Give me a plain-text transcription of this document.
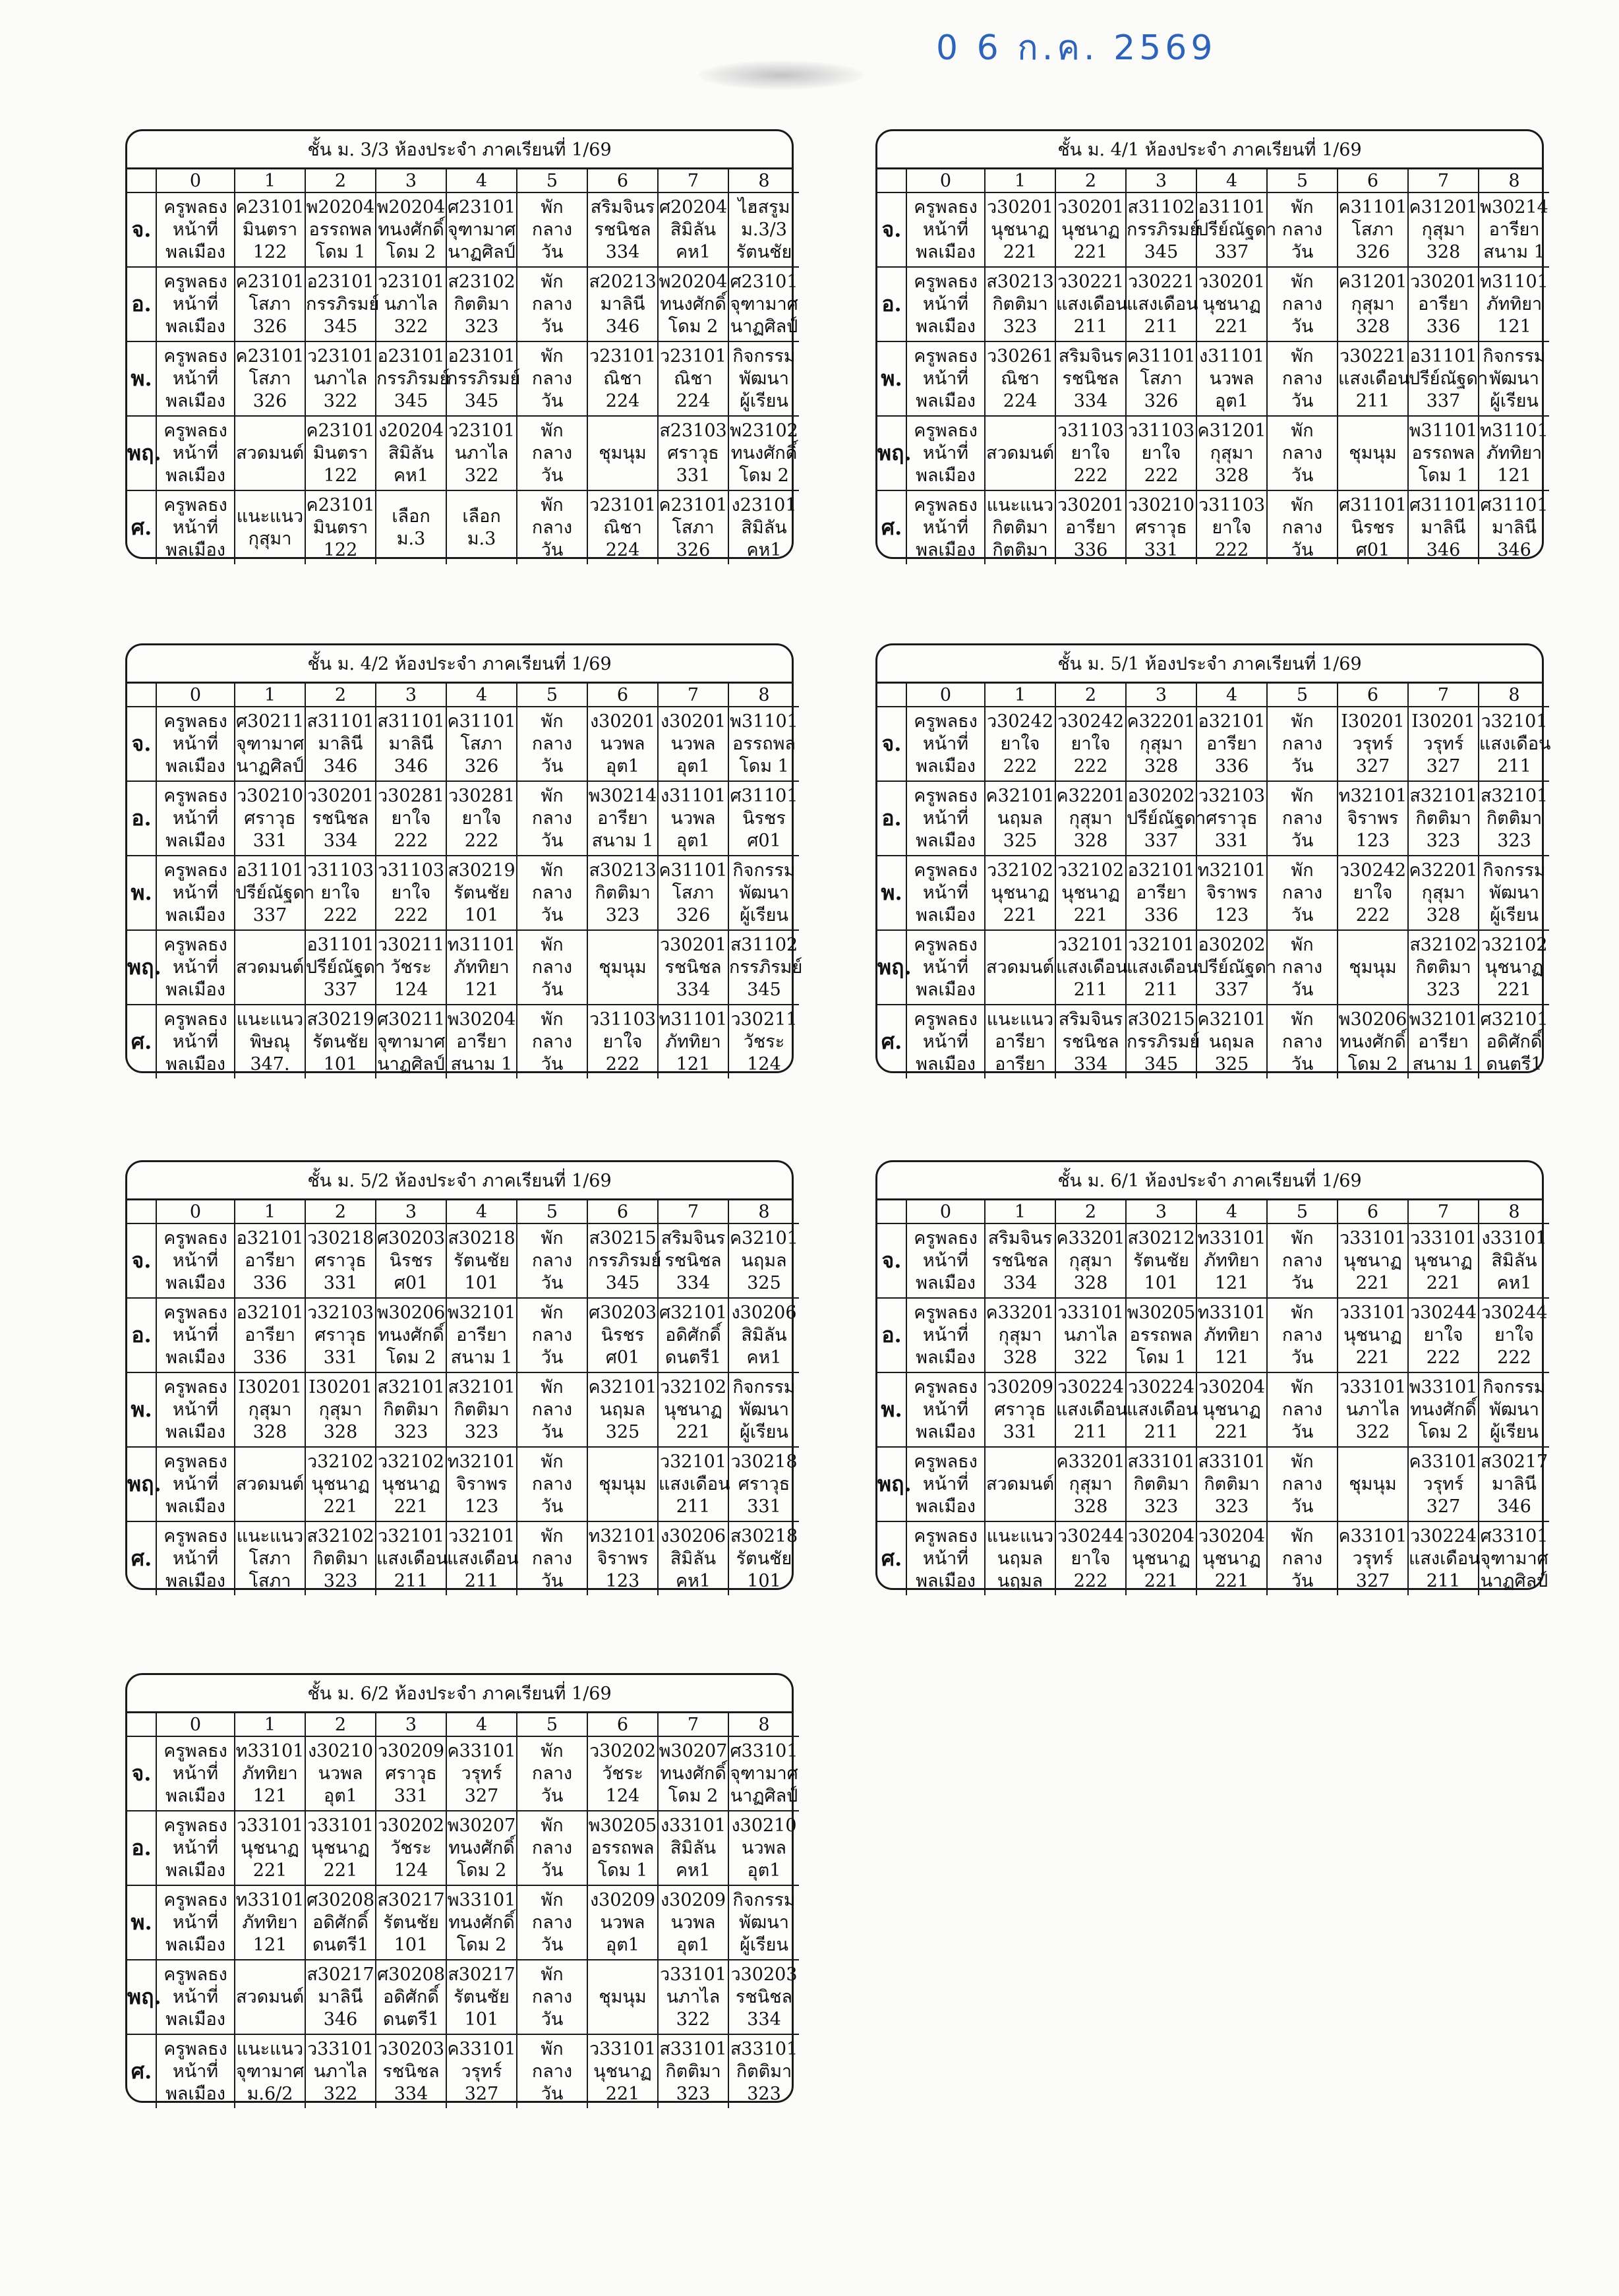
0 6 ก.ค. 2569
ชั้น ม. 3/3 ห้องประจำ ภาคเรียนที่ 1/69
	0	1	2	3	4	5	6	7	8
จ.	ครูพลธง
หน้าที่
พลเมือง	ค23101
มินตรา
122	พ20204
อรรถพล
โดม 1	พ20204
ทนงศักดิ์
โดม 2	ศ23101
จุฑามาศ
นาฏศิลป์	พัก
กลาง
วัน	สริมจินร
รชนิชล
334	ศ20204
สิมิลัน
คห1	ไฮสรูม
ม.3/3
รัตนชัย

อ.	ครูพลธง
หน้าที่
พลเมือง	ค23101
โสภา
326	อ23101
กรรภิรมย์
345	ว23101
นภาไล
322	ส23102
กิตติมา
323	พัก
กลาง
วัน	ส20213
มาลินี
346	พ20204
ทนงศักดิ์
โดม 2	ศ23101
จุฑามาศ
นาฏศิลป์

พ.	ครูพลธง
หน้าที่
พลเมือง	ค23101
โสภา
326	ว23101
นภาไล
322	อ23101
กรรภิรมย์
345	อ23101
กรรภิรมย์
345	พัก
กลาง
วัน	ว23101
ณิชา
224	ว23101
ณิชา
224	กิจกรรม
พัฒนา
ผู้เรียน

พฤ.	ครูพลธง
หน้าที่
พลเมือง	สวดมนต์	ค23101
มินตรา
122	ง20204
สิมิลัน
คห1	ว23101
นภาไล
322	พัก
กลาง
วัน	ชุมนุม	ส23103
ศราวุธ
331	พ23102
ทนงศักดิ์
โดม 2

ศ.	ครูพลธง
หน้าที่
พลเมือง	แนะแนว
กุสุมา	ค23101
มินตรา
122	เลือก
ม.3	เลือก
ม.3	พัก
กลาง
วัน	ว23101
ณิชา
224	ค23101
โสภา
326	ง23101
สิมิลัน
คห1
ชั้น ม. 4/1 ห้องประจำ ภาคเรียนที่ 1/69
	0	1	2	3	4	5	6	7	8
จ.	ครูพลธง
หน้าที่
พลเมือง	ว30201
นุชนาฏ
221	ว30201
นุชนาฏ
221	ส31102
กรรภิรมย์
345	อ31101
ปรีย์ณัฐดา
337	พัก
กลาง
วัน	ค31101
โสภา
326	ค31201
กุสุมา
328	พ30214
อารียา
สนาม 1

อ.	ครูพลธง
หน้าที่
พลเมือง	ส30213
กิตติมา
323	ว30221
แสงเดือน
211	ว30221
แสงเดือน
211	ว30201
นุชนาฏ
221	พัก
กลาง
วัน	ค31201
กุสุมา
328	ว30201
อารียา
336	ท31101
ภัททิยา
121

พ.	ครูพลธง
หน้าที่
พลเมือง	ว30261
ณิชา
224	สริมจินร
รชนิชล
334	ค31101
โสภา
326	ง31101
นวพล
อุต1	พัก
กลาง
วัน	ว30221
แสงเดือน
211	อ31101
ปรีย์ณัฐดา
337	กิจกรรม
พัฒนา
ผู้เรียน

พฤ.	ครูพลธง
หน้าที่
พลเมือง	สวดมนต์	ว31103
ยาใจ
222	ว31103
ยาใจ
222	ค31201
กุสุมา
328	พัก
กลาง
วัน	ชุมนุม	พ31101
อรรถพล
โดม 1	ท31101
ภัททิยา
121

ศ.	ครูพลธง
หน้าที่
พลเมือง	แนะแนว
กิตติมา
กิตติมา	ว30201
อารียา
336	ว30210
ศราวุธ
331	ว31103
ยาใจ
222	พัก
กลาง
วัน	ศ31101
นิรชร
ศ01	ศ31101
มาลินี
346	ศ31101
มาลินี
346
ชั้น ม. 4/2 ห้องประจำ ภาคเรียนที่ 1/69
	0	1	2	3	4	5	6	7	8
จ.	ครูพลธง
หน้าที่
พลเมือง	ศ30211
จุฑามาศ
นาฏศิลป์	ส31101
มาลินี
346	ส31101
มาลินี
346	ค31101
โสภา
326	พัก
กลาง
วัน	ง30201
นวพล
อุต1	ง30201
นวพล
อุต1	พ31101
อรรถพล
โดม 1

อ.	ครูพลธง
หน้าที่
พลเมือง	ว30210
ศราวุธ
331	ว30201
รชนิชล
334	ว30281
ยาใจ
222	ว30281
ยาใจ
222	พัก
กลาง
วัน	พ30214
อารียา
สนาม 1	ง31101
นวพล
อุต1	ศ31101
นิรชร
ศ01

พ.	ครูพลธง
หน้าที่
พลเมือง	อ31101
ปรีย์ณัฐดา
337	ว31103
ยาใจ
222	ว31103
ยาใจ
222	ส30219
รัตนชัย
101	พัก
กลาง
วัน	ส30213
กิตติมา
323	ค31101
โสภา
326	กิจกรรม
พัฒนา
ผู้เรียน

พฤ.	ครูพลธง
หน้าที่
พลเมือง	สวดมนต์	อ31101
ปรีย์ณัฐดา
337	ว30211
วัชระ
124	ท31101
ภัททิยา
121	พัก
กลาง
วัน	ชุมนุม	ว30201
รชนิชล
334	ส31102
กรรภิรมย์
345

ศ.	ครูพลธง
หน้าที่
พลเมือง	แนะแนว
พิษณุ
347.	ส30219
รัตนชัย
101	ศ30211
จุฑามาศ
นาฏศิลป์	พ30204
อารียา
สนาม 1	พัก
กลาง
วัน	ว31103
ยาใจ
222	ท31101
ภัททิยา
121	ว30211
วัชระ
124
ชั้น ม. 5/1 ห้องประจำ ภาคเรียนที่ 1/69
	0	1	2	3	4	5	6	7	8
จ.	ครูพลธง
หน้าที่
พลเมือง	ว30242
ยาใจ
222	ว30242
ยาใจ
222	ค32201
กุสุมา
328	อ32101
อารียา
336	พัก
กลาง
วัน	I30201
วรุทร์
327	I30201
วรุทร์
327	ว32101
แสงเดือน
211

อ.	ครูพลธง
หน้าที่
พลเมือง	ค32101
นฤมล
325	ค32201
กุสุมา
328	อ30202
ปรีย์ณัฐดา
337	ว32103
ศราวุธ
331	พัก
กลาง
วัน	ท32101
จิราพร
123	ส32101
กิตติมา
323	ส32101
กิตติมา
323

พ.	ครูพลธง
หน้าที่
พลเมือง	ว32102
นุชนาฏ
221	ว32102
นุชนาฏ
221	อ32101
อารียา
336	ท32101
จิราพร
123	พัก
กลาง
วัน	ว30242
ยาใจ
222	ค32201
กุสุมา
328	กิจกรรม
พัฒนา
ผู้เรียน

พฤ.	ครูพลธง
หน้าที่
พลเมือง	สวดมนต์	ว32101
แสงเดือน
211	ว32101
แสงเดือน
211	อ30202
ปรีย์ณัฐดา
337	พัก
กลาง
วัน	ชุมนุม	ส32102
กิตติมา
323	ว32102
นุชนาฏ
221

ศ.	ครูพลธง
หน้าที่
พลเมือง	แนะแนว
อารียา
อารียา	สริมจินร
รชนิชล
334	ส30215
กรรภิรมย์
345	ค32101
นฤมล
325	พัก
กลาง
วัน	พ30206
ทนงศักดิ์
โดม 2	พ32101
อารียา
สนาม 1	ศ32101
อดิศักดิ์
ดนตรี1
ชั้น ม. 5/2 ห้องประจำ ภาคเรียนที่ 1/69
	0	1	2	3	4	5	6	7	8
จ.	ครูพลธง
หน้าที่
พลเมือง	อ32101
อารียา
336	ว30218
ศราวุธ
331	ศ30203
นิรชร
ศ01	ส30218
รัตนชัย
101	พัก
กลาง
วัน	ส30215
กรรภิรมย์
345	สริมจินร
รชนิชล
334	ค32101
นฤมล
325

อ.	ครูพลธง
หน้าที่
พลเมือง	อ32101
อารียา
336	ว32103
ศราวุธ
331	พ30206
ทนงศักดิ์
โดม 2	พ32101
อารียา
สนาม 1	พัก
กลาง
วัน	ศ30203
นิรชร
ศ01	ศ32101
อดิศักดิ์
ดนตรี1	ง30206
สิมิลัน
คห1

พ.	ครูพลธง
หน้าที่
พลเมือง	I30201
กุสุมา
328	I30201
กุสุมา
328	ส32101
กิตติมา
323	ส32101
กิตติมา
323	พัก
กลาง
วัน	ค32101
นฤมล
325	ว32102
นุชนาฏ
221	กิจกรรม
พัฒนา
ผู้เรียน

พฤ.	ครูพลธง
หน้าที่
พลเมือง	สวดมนต์	ว32102
นุชนาฏ
221	ว32102
นุชนาฏ
221	ท32101
จิราพร
123	พัก
กลาง
วัน	ชุมนุม	ว32101
แสงเดือน
211	ว30218
ศราวุธ
331

ศ.	ครูพลธง
หน้าที่
พลเมือง	แนะแนว
โสภา
โสภา	ส32102
กิตติมา
323	ว32101
แสงเดือน
211	ว32101
แสงเดือน
211	พัก
กลาง
วัน	ท32101
จิราพร
123	ง30206
สิมิลัน
คห1	ส30218
รัตนชัย
101
ชั้น ม. 6/1 ห้องประจำ ภาคเรียนที่ 1/69
	0	1	2	3	4	5	6	7	8
จ.	ครูพลธง
หน้าที่
พลเมือง	สริมจินร
รชนิชล
334	ค33201
กุสุมา
328	ส30212
รัตนชัย
101	ท33101
ภัททิยา
121	พัก
กลาง
วัน	ว33101
นุชนาฏ
221	ว33101
นุชนาฏ
221	ง33101
สิมิลัน
คห1

อ.	ครูพลธง
หน้าที่
พลเมือง	ค33201
กุสุมา
328	ว33101
นภาไล
322	พ30205
อรรถพล
โดม 1	ท33101
ภัททิยา
121	พัก
กลาง
วัน	ว33101
นุชนาฏ
221	ว30244
ยาใจ
222	ว30244
ยาใจ
222

พ.	ครูพลธง
หน้าที่
พลเมือง	ว30209
ศราวุธ
331	ว30224
แสงเดือน
211	ว30224
แสงเดือน
211	ว30204
นุชนาฏ
221	พัก
กลาง
วัน	ว33101
นภาไล
322	พ33101
ทนงศักดิ์
โดม 2	กิจกรรม
พัฒนา
ผู้เรียน

พฤ.	ครูพลธง
หน้าที่
พลเมือง	สวดมนต์	ค33201
กุสุมา
328	ส33101
กิตติมา
323	ส33101
กิตติมา
323	พัก
กลาง
วัน	ชุมนุม	ค33101
วรุทร์
327	ส30217
มาลินี
346

ศ.	ครูพลธง
หน้าที่
พลเมือง	แนะแนว
นฤมล
นฤมล	ว30244
ยาใจ
222	ว30204
นุชนาฏ
221	ว30204
นุชนาฏ
221	พัก
กลาง
วัน	ค33101
วรุทร์
327	ว30224
แสงเดือน
211	ศ33101
จุฑามาศ
นาฏศิลป์
ชั้น ม. 6/2 ห้องประจำ ภาคเรียนที่ 1/69
	0	1	2	3	4	5	6	7	8
จ.	ครูพลธง
หน้าที่
พลเมือง	ท33101
ภัททิยา
121	ง30210
นวพล
อุต1	ว30209
ศราวุธ
331	ค33101
วรุทร์
327	พัก
กลาง
วัน	ว30202
วัชระ
124	พ30207
ทนงศักดิ์
โดม 2	ศ33101
จุฑามาศ
นาฏศิลป์

อ.	ครูพลธง
หน้าที่
พลเมือง	ว33101
นุชนาฏ
221	ว33101
นุชนาฏ
221	ว30202
วัชระ
124	พ30207
ทนงศักดิ์
โดม 2	พัก
กลาง
วัน	พ30205
อรรถพล
โดม 1	ง33101
สิมิลัน
คห1	ง30210
นวพล
อุต1

พ.	ครูพลธง
หน้าที่
พลเมือง	ท33101
ภัททิยา
121	ศ30208
อดิศักดิ์
ดนตรี1	ส30217
รัตนชัย
101	พ33101
ทนงศักดิ์
โดม 2	พัก
กลาง
วัน	ง30209
นวพล
อุต1	ง30209
นวพล
อุต1	กิจกรรม
พัฒนา
ผู้เรียน

พฤ.	ครูพลธง
หน้าที่
พลเมือง	สวดมนต์	ส30217
มาลินี
346	ศ30208
อดิศักดิ์
ดนตรี1	ส30217
รัตนชัย
101	พัก
กลาง
วัน	ชุมนุม	ว33101
นภาไล
322	ว30203
รชนิชล
334

ศ.	ครูพลธง
หน้าที่
พลเมือง	แนะแนว
จุฑามาศ
ม.6/2	ว33101
นภาไล
322	ว30203
รชนิชล
334	ค33101
วรุทร์
327	พัก
กลาง
วัน	ว33101
นุชนาฏ
221	ส33101
กิตติมา
323	ส33101
กิตติมา
323
